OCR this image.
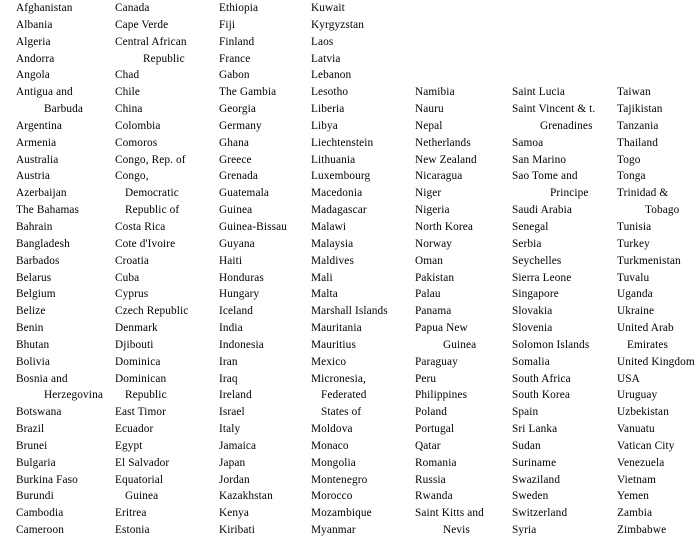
Afghanistan
Albania
Algeria
Andorra
Angola
Antigua and
Barbuda
Argentina
Armenia
Australia
Austria
Azerbaijan
The Bahamas
Bahrain
Bangladesh
Barbados
Belarus
Belgium
Belize
Benin
Bhutan
Bolivia
Bosnia and
Herzegovina
Botswana
Brazil
Brunei
Bulgaria
Burkina Faso
Burundi
Cambodia
Cameroon
Canada
Cape Verde
Central African
Republic
Chad
Chile
China
Colombia
Comoros
Congo, Rep. of
Congo,
Democratic
Republic of
Costa Rica
Cote d'Ivoire
Croatia
Cuba
Cyprus
Czech Republic
Denmark
Djibouti
Dominica
Dominican
Republic
East Timor
Ecuador
Egypt
El Salvador
Equatorial
Guinea
Eritrea
Estonia
Ethiopia
Fiji
Finland
France
Gabon
The Gambia
Georgia
Germany
Ghana
Greece
Grenada
Guatemala
Guinea
Guinea-Bissau
Guyana
Haiti
Honduras
Hungary
Iceland
India
Indonesia
Iran
Iraq
Ireland
Israel
Italy
Jamaica
Japan
Jordan
Kazakhstan
Kenya
Kiribati
Kuwait
Kyrgyzstan
Laos
Latvia
Lebanon
Lesotho
Liberia
Libya
Liechtenstein
Lithuania
Luxembourg
Macedonia
Madagascar
Malawi
Malaysia
Maldives
Mali
Malta
Marshall Islands
Mauritania
Mauritius
Mexico
Micronesia,
Federated
States of
Moldova
Monaco
Mongolia
Montenegro
Morocco
Mozambique
Myanmar
Namibia
Nauru
Nepal
Netherlands
New Zealand
Nicaragua
Niger
Nigeria
North Korea
Norway
Oman
Pakistan
Palau
Panama
Papua New
Guinea
Paraguay
Peru
Philippines
Poland
Portugal
Qatar
Romania
Russia
Rwanda
Saint Kitts and
Nevis
Saint Lucia
Saint Vincent & t.
Grenadines
Samoa
San Marino
Sao Tome and
Principe
Saudi Arabia
Senegal
Serbia
Seychelles
Sierra Leone
Singapore
Slovakia
Slovenia
Solomon Islands
Somalia
South Africa
South Korea
Spain
Sri Lanka
Sudan
Suriname
Swaziland
Sweden
Switzerland
Syria
Taiwan
Tajikistan
Tanzania
Thailand
Togo
Tonga
Trinidad &
Tobago
Tunisia
Turkey
Turkmenistan
Tuvalu
Uganda
Ukraine
United Arab
Emirates
United Kingdom
USA
Uruguay
Uzbekistan
Vanuatu
Vatican City
Venezuela
Vietnam
Yemen
Zambia
Zimbabwe
